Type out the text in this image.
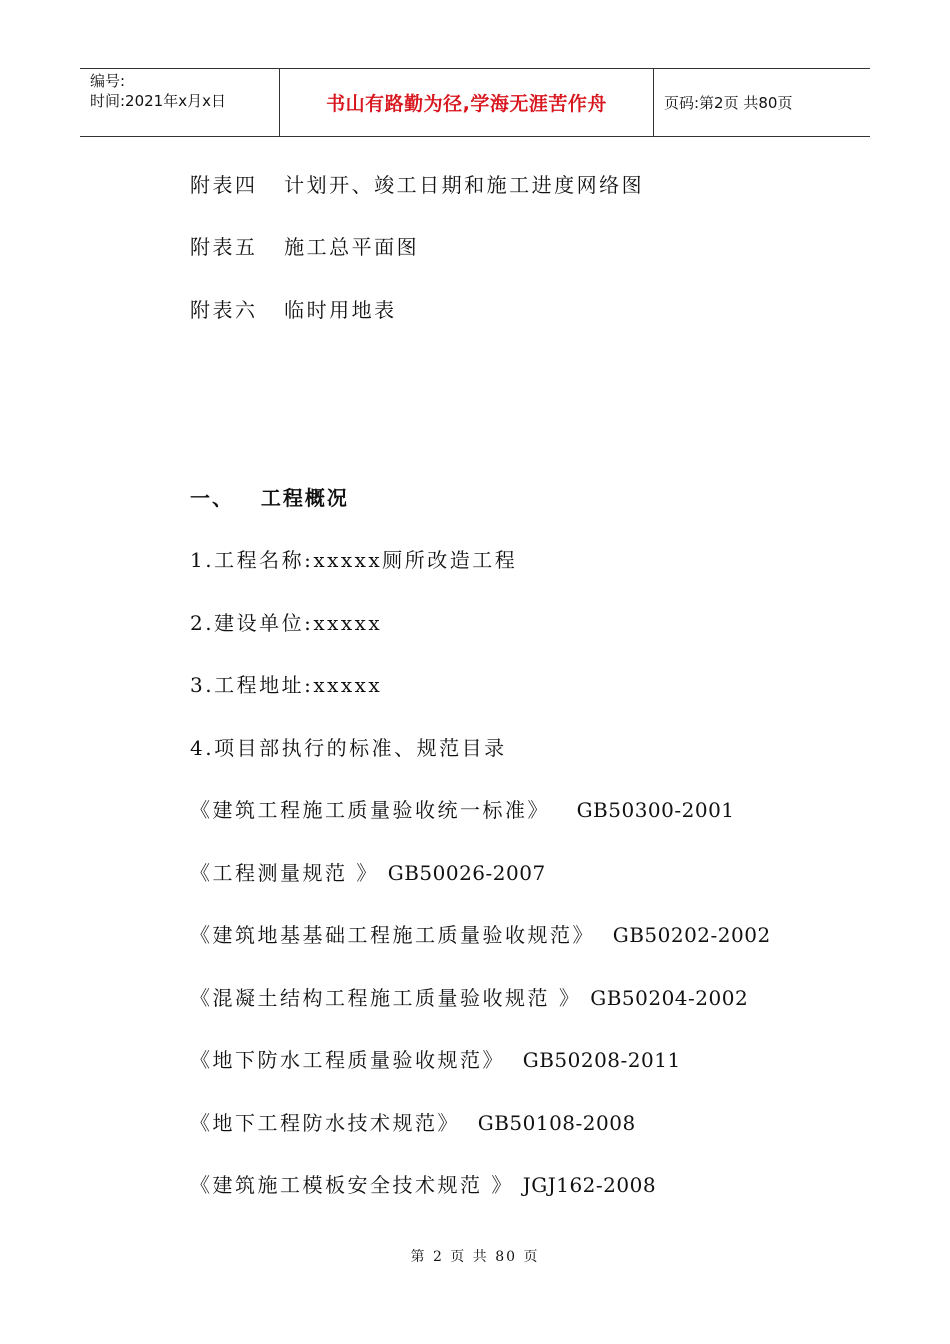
编号:
时间:2021年x月x日	书山有路勤为径,学海无涯苦作舟	页码:第2页 共80页
附表四   计划开、竣工日期和施工进度网络图
附表五   施工总平面图
附表六   临时用地表
一、   工程概况
1.工程名称:xxxxx厕所改造工程
2.建设单位:xxxxx
3.工程地址:xxxxx
4.项目部执行的标准、规范目录
《建筑工程施工质量验收统一标准》 GB50300-2001
《工程测量规范 》 GB50026-2007
《建筑地基基础工程施工质量验收规范》 GB50202-2002
《混凝土结构工程施工质量验收规范 》 GB50204-2002
《地下防水工程质量验收规范》 GB50208-2011
《地下工程防水技术规范》 GB50108-2008
《建筑施工模板安全技术规范 》 JGJ162-2008
第 2 页 共 80 页
